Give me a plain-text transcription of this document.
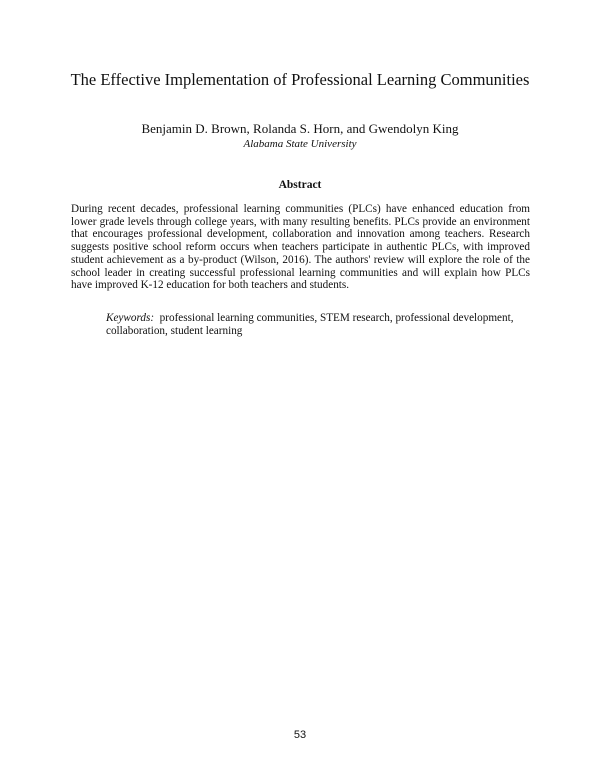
The Effective Implementation of Professional Learning Communities
Benjamin D. Brown, Rolanda S. Horn, and Gwendolyn King
Alabama State University
Abstract

During recent decades, professional learning communities (PLCs) have enhanced education from lower grade levels through college years, with many resulting benefits. PLCs provide an environment that encourages professional development, collaboration and innovation among teachers. Research suggests positive school reform occurs when teachers participate in authentic PLCs, with improved student achievement as a by-product (Wilson, 2016). The authors' review will explore the role of the school leader in creating successful professional learning communities and will explain how PLCs have improved K-12 education for both teachers and students.

Keywords: professional learning communities, STEM research, professional development, collaboration, student learning

53
